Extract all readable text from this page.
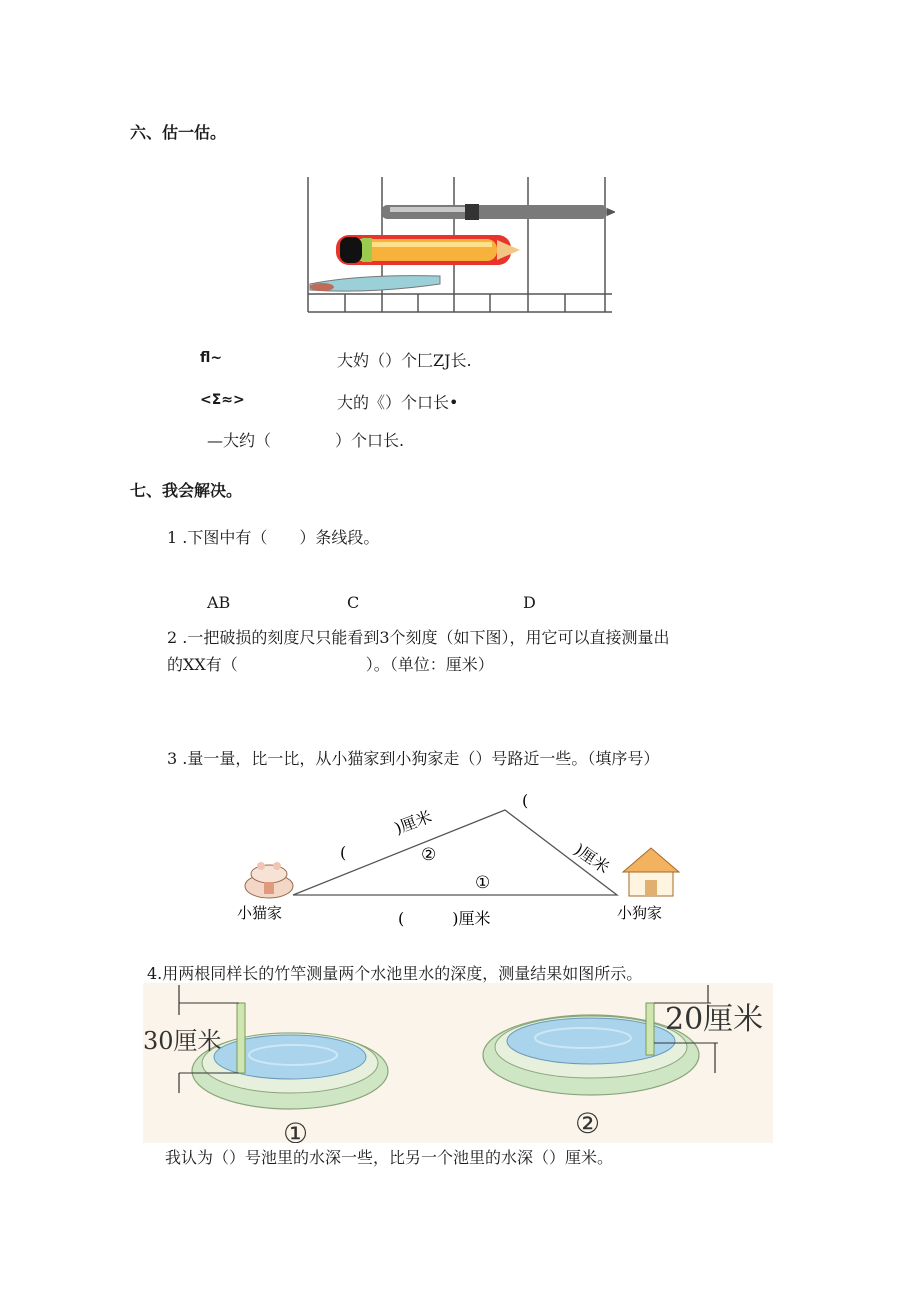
六、估一估。
fl~	大妁（）个匚ZJ长.
<Σ≈>	大的《）个口长•
—大约（　　　　）个口长.
七、我会解决。
1 .下图中有（　　）条线段。
AB	C	D
2 .一把破损的刻度尺只能看到3个刻度（如下图），用它可以直接测量出
的XX有（　　　　　　　　）。（单位：厘米）
3 .量一量，比一比，从小猫家到小狗家走（）号路近一些。（填序号）
(
)厘米
②
①
(
)厘米
(　　　)厘米
小猫家	小狗家
4.用两根同样长的竹竿测量两个水池里水的深度，测量结果如图所示。
30厘米
①
20厘米
②
我认为（）号池里的水深一些，比另一个池里的水深（）厘米。
